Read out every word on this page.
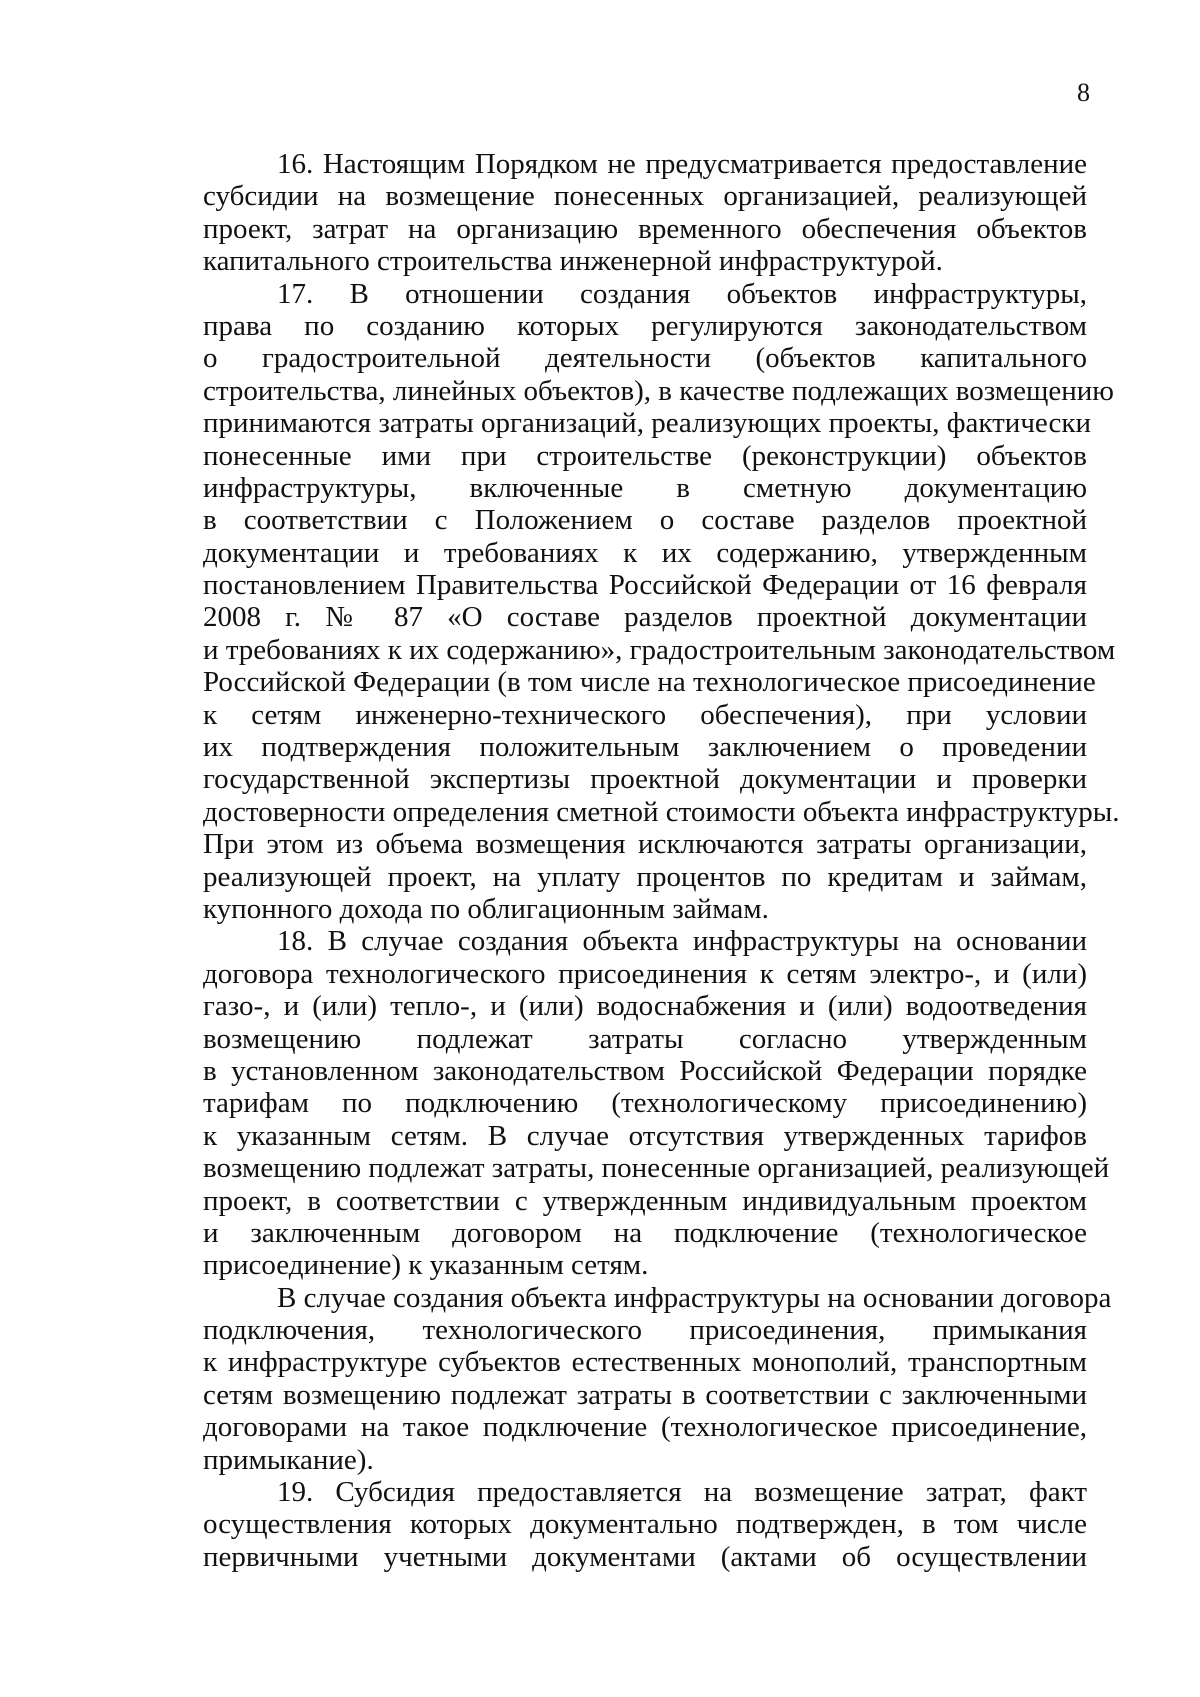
8
16. Настоящим Порядком не предусматривается предоставление
субсидии на возмещение понесенных организацией, реализующей
проект, затрат на организацию временного обеспечения объектов
капитального строительства инженерной инфраструктурой.
17. В отношении создания объектов инфраструктуры,
права по созданию которых регулируются законодательством
о градостроительной деятельности (объектов капитального
строительства, линейных объектов), в качестве подлежащих возмещению
принимаются затраты организаций, реализующих проекты, фактически
понесенные ими при строительстве (реконструкции) объектов
инфраструктуры, включенные в сметную документацию
в соответствии с Положением о составе разделов проектной
документации и требованиях к их содержанию, утвержденным
постановлением Правительства Российской Федерации от 16 февраля
2008 г. № 87 «О составе разделов проектной документации
и требованиях к их содержанию», градостроительным законодательством
Российской Федерации (в том числе на технологическое присоединение
к сетям инженерно-технического обеспечения), при условии
их подтверждения положительным заключением о проведении
государственной экспертизы проектной документации и проверки
достоверности определения сметной стоимости объекта инфраструктуры.
При этом из объема возмещения исключаются затраты организации,
реализующей проект, на уплату процентов по кредитам и займам,
купонного дохода по облигационным займам.
18. В случае создания объекта инфраструктуры на основании
договора технологического присоединения к сетям электро-, и (или)
газо-, и (или) тепло-, и (или) водоснабжения и (или) водоотведения
возмещению подлежат затраты согласно утвержденным
в установленном законодательством Российской Федерации порядке
тарифам по подключению (технологическому присоединению)
к указанным сетям. В случае отсутствия утвержденных тарифов
возмещению подлежат затраты, понесенные организацией, реализующей
проект, в соответствии с утвержденным индивидуальным проектом
и заключенным договором на подключение (технологическое
присоединение) к указанным сетям.
В случае создания объекта инфраструктуры на основании договора
подключения, технологического присоединения, примыкания
к инфраструктуре субъектов естественных монополий, транспортным
сетям возмещению подлежат затраты в соответствии с заключенными
договорами на такое подключение (технологическое присоединение,
примыкание).
19. Субсидия предоставляется на возмещение затрат, факт
осуществления которых документально подтвержден, в том числе
первичными учетными документами (актами об осуществлении
